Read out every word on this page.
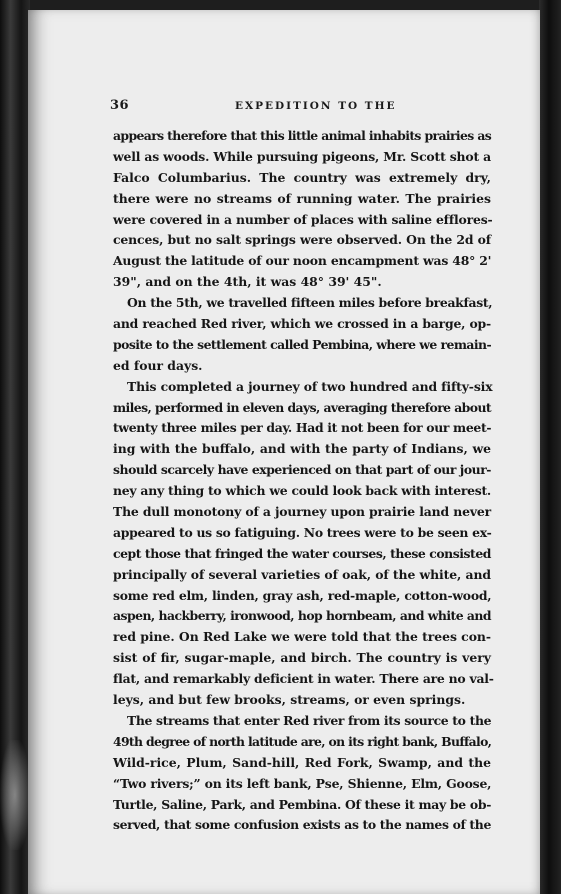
36	EXPEDITION TO THE
appears therefore that this little animal inhabits prairies as
well as woods. While pursuing pigeons, Mr. Scott shot a
Falco Columbarius. The country was extremely dry,
there were no streams of running water. The prairies
were covered in a number of places with saline efflores-
cences, but no salt springs were observed. On the 2d of
August the latitude of our noon encampment was 48° 2'
39", and on the 4th, it was 48° 39' 45".
On the 5th, we travelled fifteen miles before breakfast,
and reached Red river, which we crossed in a barge, op-
posite to the settlement called Pembina, where we remain-
ed four days.
This completed a journey of two hundred and fifty-six
miles, performed in eleven days, averaging therefore about
twenty three miles per day. Had it not been for our meet-
ing with the buffalo, and with the party of Indians, we
should scarcely have experienced on that part of our jour-
ney any thing to which we could look back with interest.
The dull monotony of a journey upon prairie land never
appeared to us so fatiguing. No trees were to be seen ex-
cept those that fringed the water courses, these consisted
principally of several varieties of oak, of the white, and
some red elm, linden, gray ash, red-maple, cotton-wood,
aspen, hackberry, ironwood, hop hornbeam, and white and
red pine. On Red Lake we were told that the trees con-
sist of fir, sugar-maple, and birch. The country is very
flat, and remarkably deficient in water. There are no val-
leys, and but few brooks, streams, or even springs.
The streams that enter Red river from its source to the
49th degree of north latitude are, on its right bank, Buffalo,
Wild-rice, Plum, Sand-hill, Red Fork, Swamp, and the
“Two rivers;” on its left bank, Pse, Shienne, Elm, Goose,
Turtle, Saline, Park, and Pembina. Of these it may be ob-
served, that some confusion exists as to the names of the
